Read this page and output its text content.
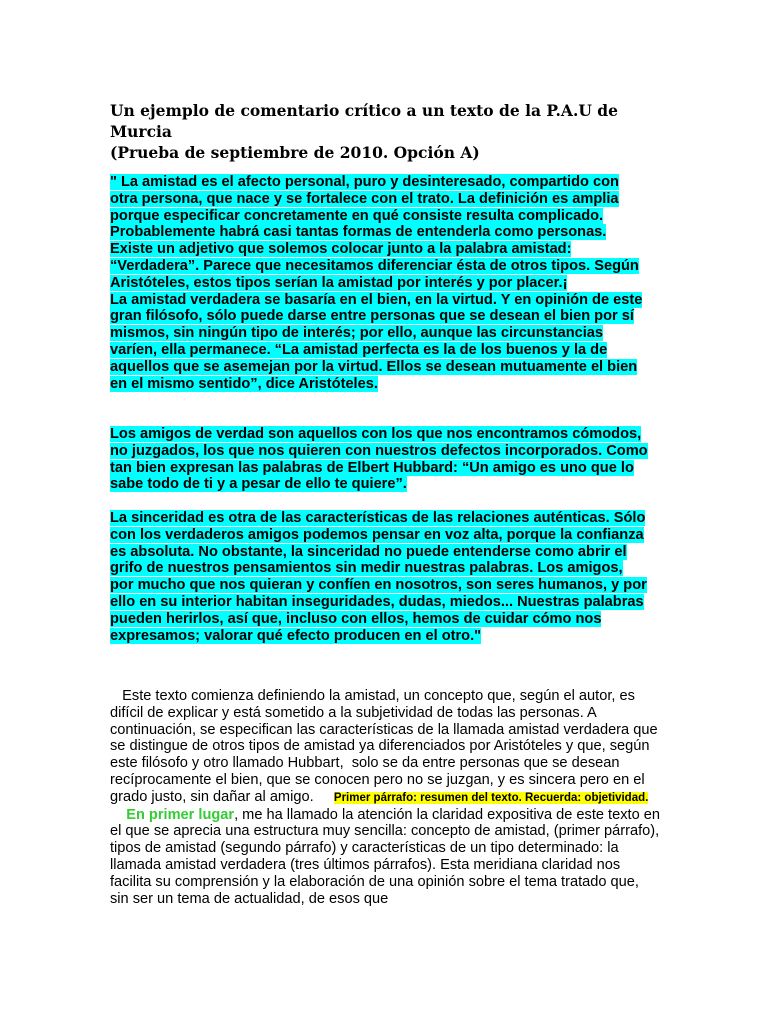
Un ejemplo de comentario crítico a un texto de la P.A.U de Murcia
(Prueba de septiembre de 2010. Opción A)

" La amistad es el afecto personal, puro y desinteresado, compartido con otra persona, que nace y se fortalece con el trato. La definición es amplia porque especificar concretamente en qué consiste resulta complicado. Probablemente habrá casi tantas formas de entenderla como personas.

Existe un adjetivo que solemos colocar junto a la palabra amistad: “Verdadera”. Parece que necesitamos diferenciar ésta de otros tipos. Según Aristóteles, estos tipos serían la amistad por interés y por placer.¡

La amistad verdadera se basaría en el bien, en la virtud. Y en opinión de este gran filósofo, sólo puede darse entre personas que se desean el bien por sí mismos, sin ningún tipo de interés; por ello, aunque las circunstancias varíen, ella permanece. “La amistad perfecta es la de los buenos y la de aquellos que se asemejan por la virtud. Ellos se desean mutuamente el bien en el mismo sentido”, dice Aristóteles.

Los amigos de verdad son aquellos con los que nos encontramos cómodos, no juzgados, los que nos quieren con nuestros defectos incorporados. Como tan bien expresan las palabras de Elbert Hubbard: “Un amigo es uno que lo sabe todo de ti y a pesar de ello te quiere”.

La sinceridad es otra de las características de las relaciones auténticas. Sólo con los verdaderos amigos podemos pensar en voz alta, porque la confianza es absoluta. No obstante, la sinceridad no puede entenderse como abrir el grifo de nuestros pensamientos sin medir nuestras palabras. Los amigos, por mucho que nos quieran y confíen en nosotros, son seres humanos, y por ello en su interior habitan inseguridades, dudas, miedos... Nuestras palabras pueden herirlos, así que, incluso con ellos, hemos de cuidar cómo nos expresamos; valorar qué efecto producen en el otro."

Este texto comienza definiendo la amistad, un concepto que, según el autor, es difícil de explicar y está sometido a la subjetividad de todas las personas. A continuación, se especifican las características de la llamada amistad verdadera que se distingue de otros tipos de amistad ya diferenciados por Aristóteles y que, según este filósofo y otro llamado Hubbart,  solo se da entre personas que se desean recíprocamente el bien, que se conocen pero no se juzgan, y es sincera pero en el grado justo, sin dañar al amigo.     Primer párrafo: resumen del texto. Recuerda: objetividad.

En primer lugar, me ha llamado la atención la claridad expositiva de este texto en el que se aprecia una estructura muy sencilla: concepto de amistad, (primer párrafo), tipos de amistad (segundo párrafo) y características de un tipo determinado: la llamada amistad verdadera (tres últimos párrafos). Esta meridiana claridad nos facilita su comprensión y la elaboración de una opinión sobre el tema tratado que, sin ser un tema de actualidad, de esos que
